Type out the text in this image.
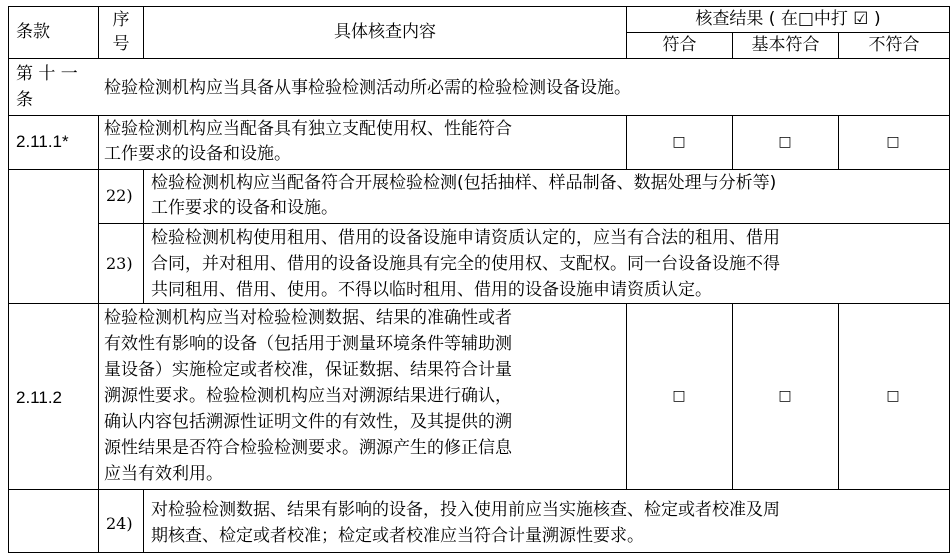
条款
序
号
具体核查内容
核查结果 ( 在□中打 ☑ )
符合	基本符合	不符合
第 十 一
条
检验检测机构应当具备从事检验检测活动所必需的检验检测设备设施。
2.11.1*
检验检测机构应当配备具有独立支配使用权、性能符合
工作要求的设备和设施。
□	□	□
22)
检验检测机构应当配备符合开展检验检测(包括抽样、样品制备、数据处理与分析等)
工作要求的设备和设施。
23)
检验检测机构使用租用、借用的设备设施申请资质认定的，应当有合法的租用、借用
合同，并对租用、借用的设备设施具有完全的使用权、支配权。同一台设备设施不得
共同租用、借用、使用。不得以临时租用、借用的设备设施申请资质认定。
2.11.2
检验检测机构应当对检验检测数据、结果的准确性或者
有效性有影响的设备（包括用于测量环境条件等辅助测
量设备）实施检定或者校准，保证数据、结果符合计量
溯源性要求。检验检测机构应当对溯源结果进行确认，
确认内容包括溯源性证明文件的有效性，及其提供的溯
源性结果是否符合检验检测要求。溯源产生的修正信息
应当有效利用。
□	□	□
24)
对检验检测数据、结果有影响的设备，投入使用前应当实施核查、检定或者校准及周
期核查、检定或者校准；检定或者校准应当符合计量溯源性要求。
